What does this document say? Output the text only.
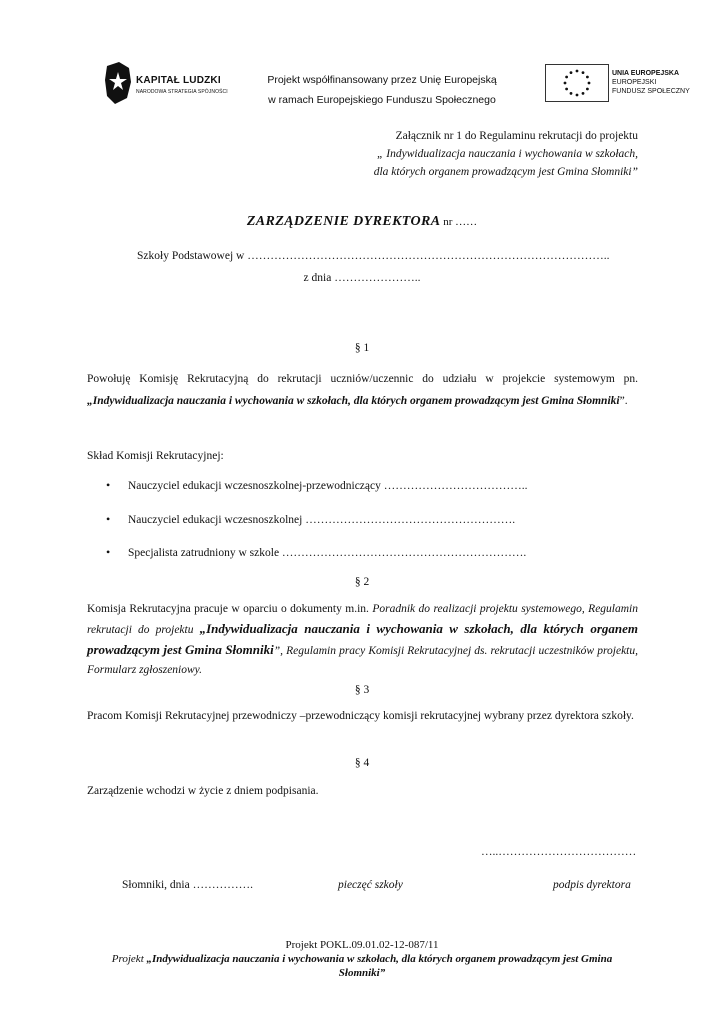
KAPITAŁ LUDZKI
NARODOWA STRATEGIA SPÓJNOŚCI
Projekt współfinansowany przez Unię Europejską
w ramach Europejskiego Funduszu Społecznego
UNIA EUROPEJSKA
EUROPEJSKI
FUNDUSZ SPOŁECZNY
Załącznik nr 1 do Regulaminu rekrutacji do projektu
„ Indywidualizacja nauczania i wychowania w szkołach,
dla których organem prowadzącym jest Gmina Słomniki”
ZARZĄDZENIE DYREKTORA nr ……
Szkoły Podstawowej w …………………………………………………………………………………..
z dnia …………………..
§ 1
Powołuję Komisję Rekrutacyjną do rekrutacji uczniów/uczennic do udziału w projekcie systemowym pn. „Indywidualizacja nauczania i wychowania w szkołach, dla których organem prowadzącym jest Gmina Słomniki”.
Skład Komisji Rekrutacyjnej:
• Nauczyciel edukacji wczesnoszkolnej-przewodniczący ………………………………..
• Nauczyciel edukacji wczesnoszkolnej ……………………………………………….
• Specjalista zatrudniony w szkole ……………………………………………………….
§ 2
Komisja Rekrutacyjna pracuje w oparciu o dokumenty m.in. Poradnik do realizacji projektu systemowego, Regulamin rekrutacji do projektu „Indywidualizacja nauczania i wychowania w szkołach, dla których organem prowadzącym jest Gmina Słomniki”, Regulamin pracy Komisji Rekrutacyjnej ds. rekrutacji uczestników projektu, Formularz zgłoszeniowy.
§ 3
Pracom Komisji Rekrutacyjnej przewodniczy –przewodniczący komisji rekrutacyjnej wybrany przez dyrektora szkoły.
§ 4
Zarządzenie wchodzi w życie z dniem podpisania.
…..………………………………
Słomniki, dnia …………….	pieczęć szkoły	podpis dyrektora
Projekt POKL.09.01.02-12-087/11
Projekt „Indywidualizacja nauczania i wychowania w szkołach, dla których organem prowadzącym jest Gmina Słomniki”
